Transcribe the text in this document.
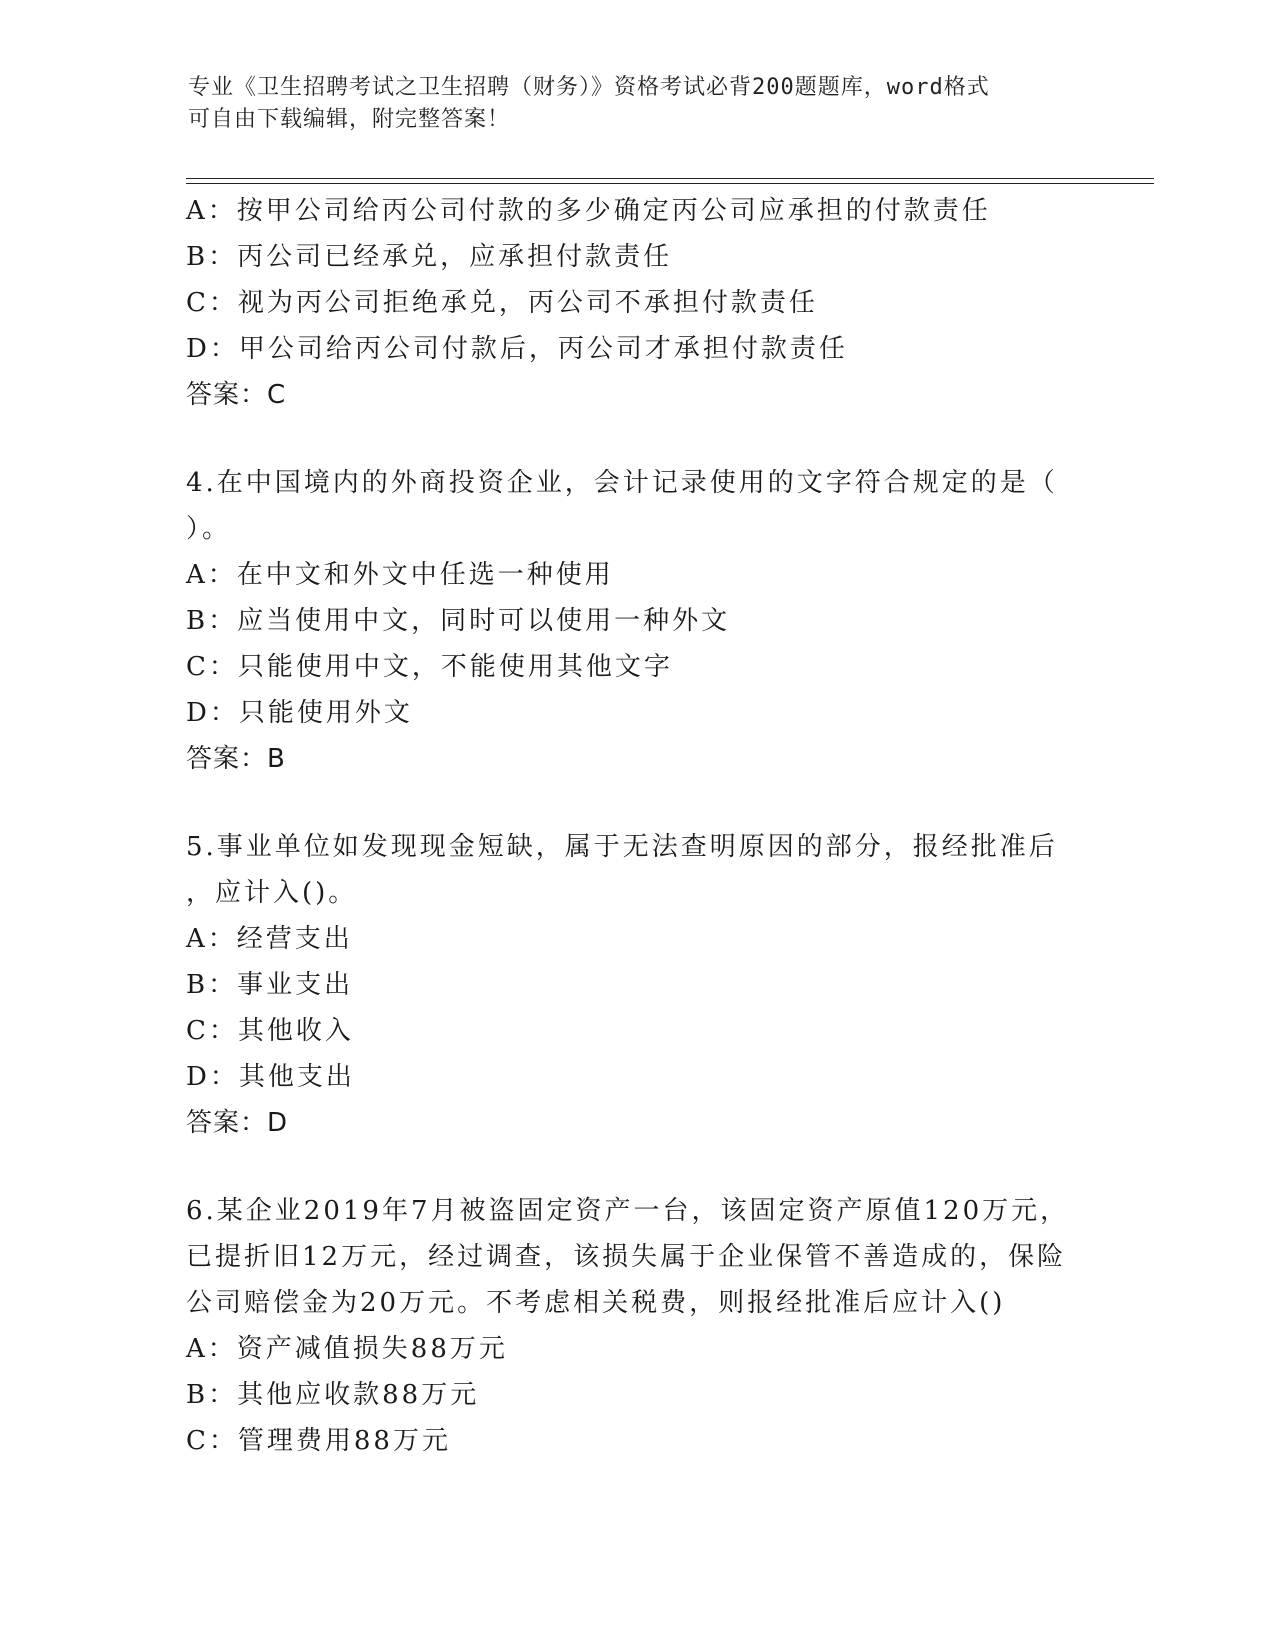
专业《卫生招聘考试之卫生招聘（财务）》资格考试必背200题题库，word格式
可自由下载编辑，附完整答案！
A：按甲公司给丙公司付款的多少确定丙公司应承担的付款责任
B：丙公司已经承兑，应承担付款责任
C：视为丙公司拒绝承兑，丙公司不承担付款责任
D：甲公司给丙公司付款后，丙公司才承担付款责任
答案：C
4.在中国境内的外商投资企业，会计记录使用的文字符合规定的是（
）。
A：在中文和外文中任选一种使用
B：应当使用中文，同时可以使用一种外文
C：只能使用中文，不能使用其他文字
D：只能使用外文
答案：B
5.事业单位如发现现金短缺，属于无法查明原因的部分，报经批准后
，应计入()。
A：经营支出
B：事业支出
C：其他收入
D：其他支出
答案：D
6.某企业2019年7月被盗固定资产一台，该固定资产原值120万元，
已提折旧12万元，经过调查，该损失属于企业保管不善造成的，保险
公司赔偿金为20万元。不考虑相关税费，则报经批准后应计入()
A：资产减值损失88万元
B：其他应收款88万元
C：管理费用88万元
